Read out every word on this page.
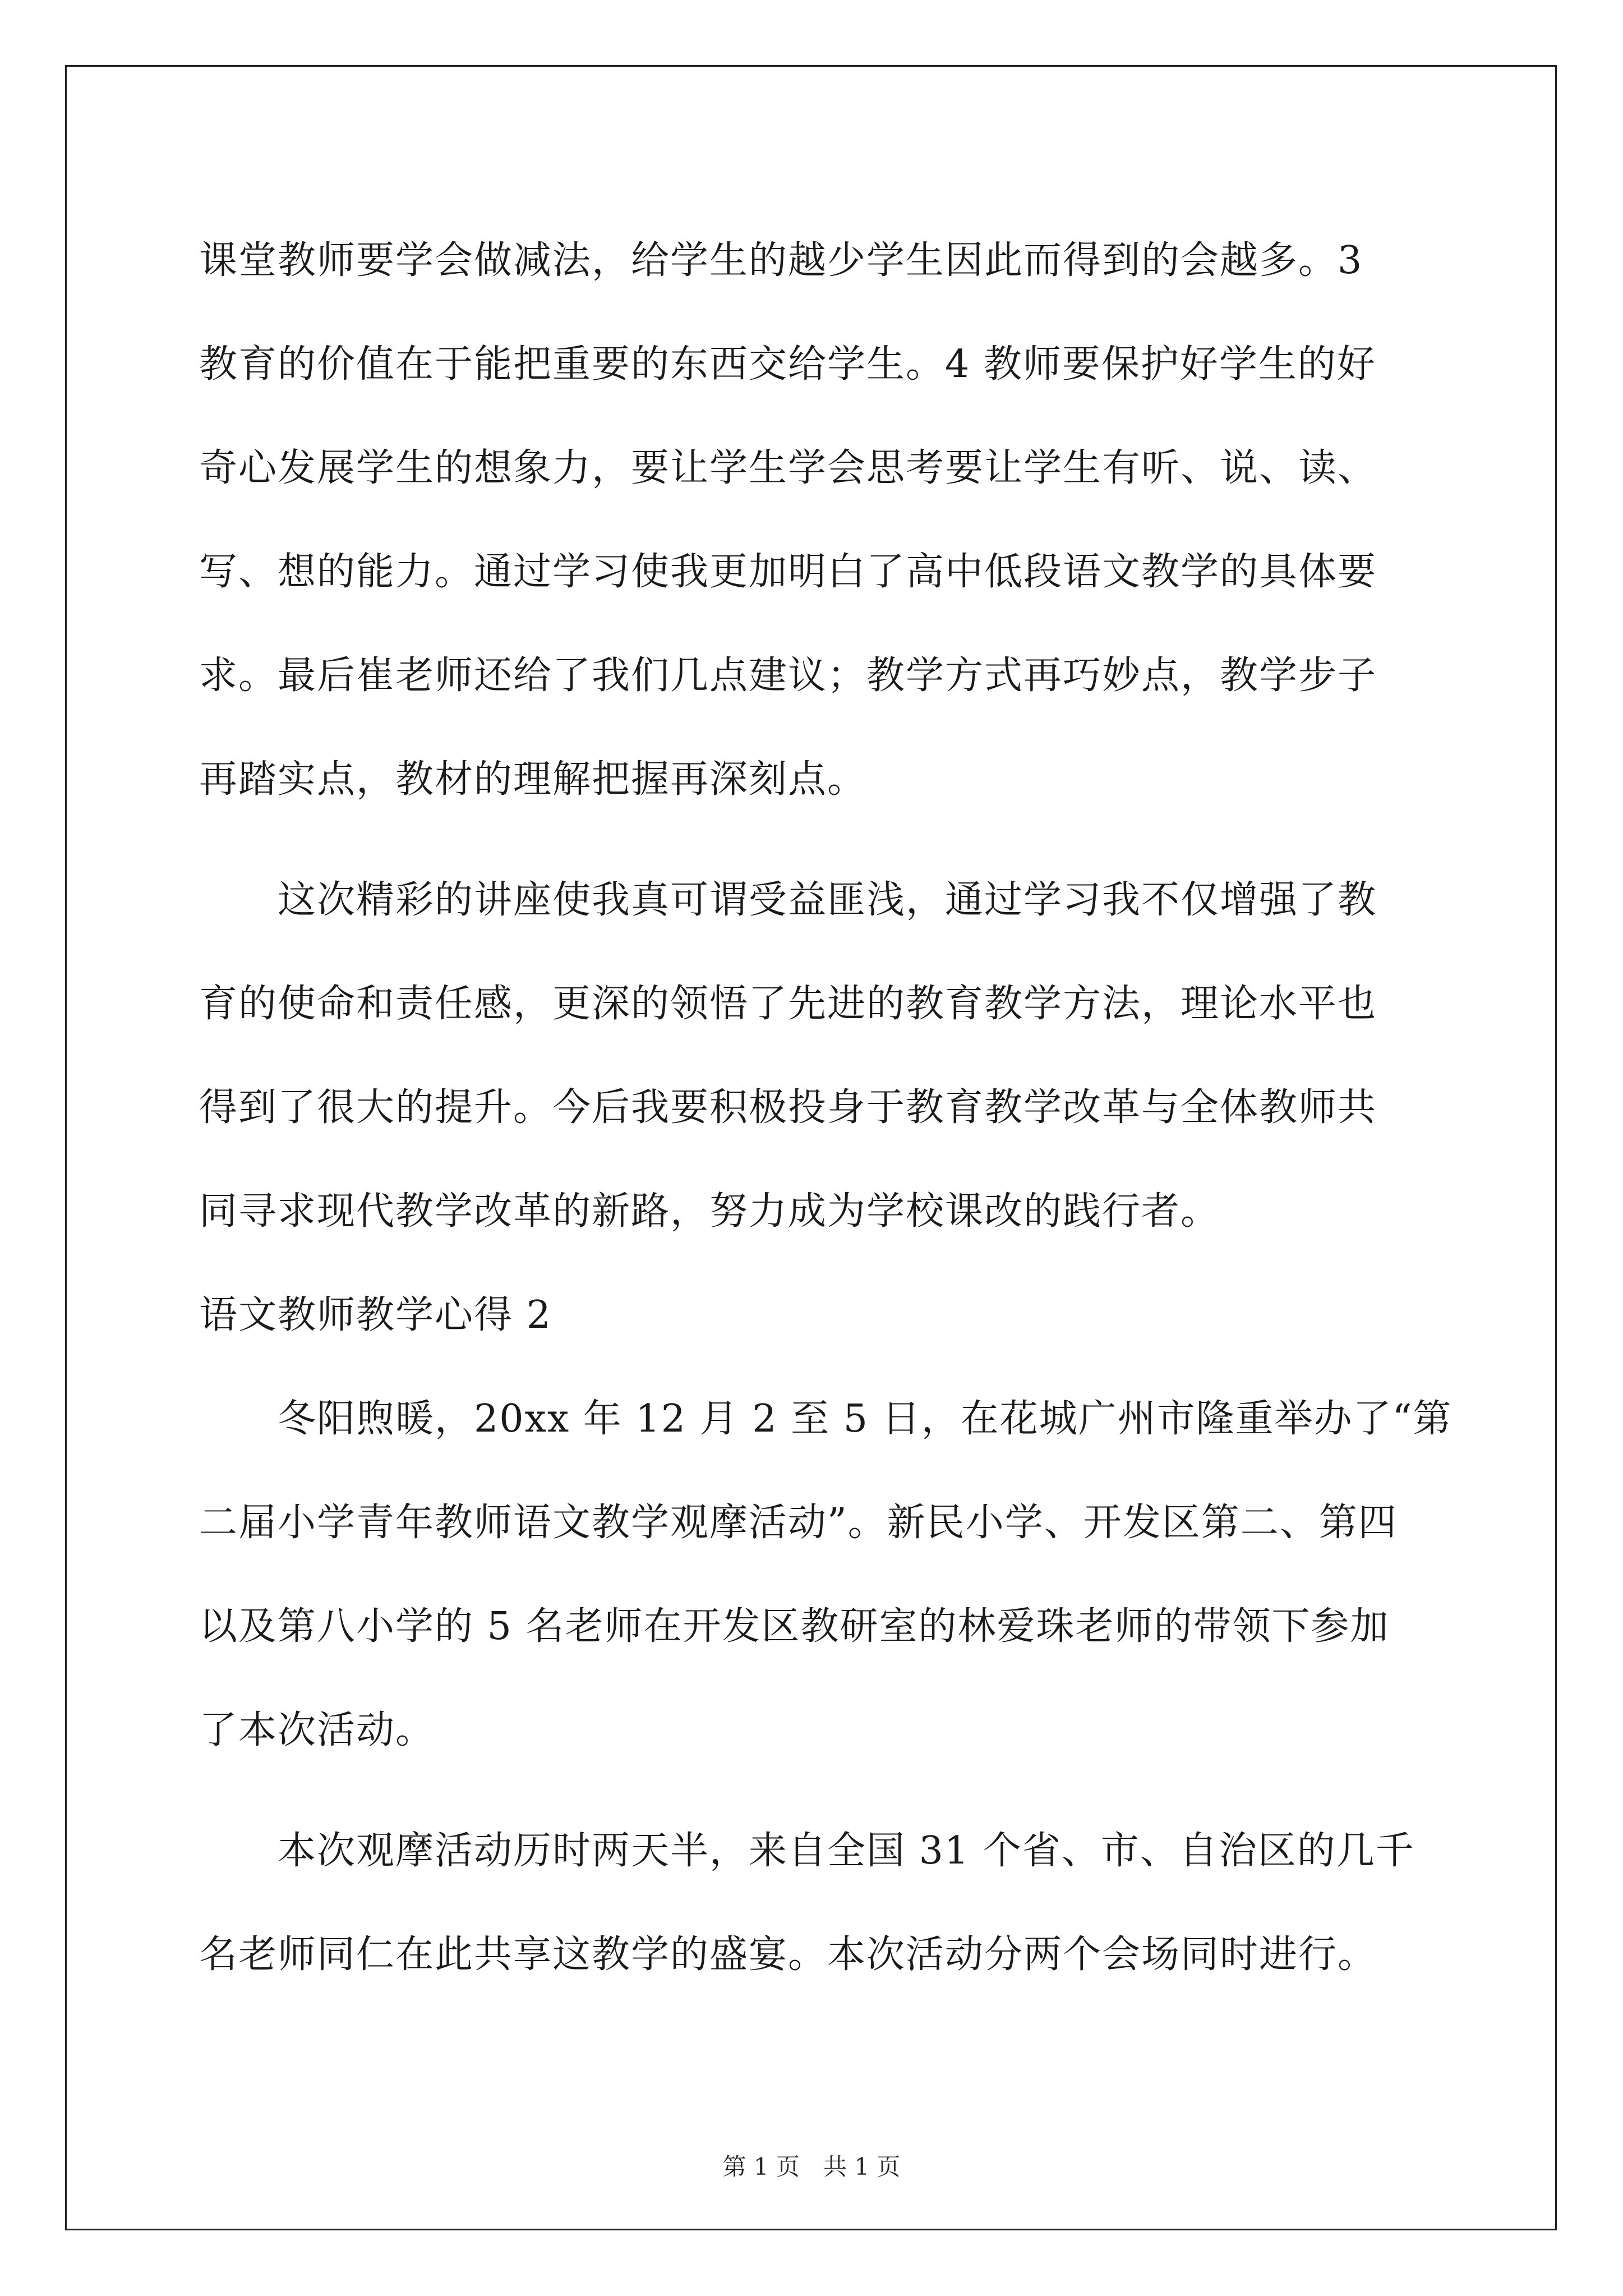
课堂教师要学会做减法，给学生的越少学生因此而得到的会越多。3
教育的价值在于能把重要的东西交给学生。4 教师要保护好学生的好
奇心发展学生的想象力，要让学生学会思考要让学生有听、说、读、
写、想的能力。通过学习使我更加明白了高中低段语文教学的具体要
求。最后崔老师还给了我们几点建议；教学方式再巧妙点，教学步子
再踏实点，教材的理解把握再深刻点。
　　这次精彩的讲座使我真可谓受益匪浅，通过学习我不仅增强了教
育的使命和责任感，更深的领悟了先进的教育教学方法，理论水平也
得到了很大的提升。今后我要积极投身于教育教学改革与全体教师共
同寻求现代教学改革的新路，努力成为学校课改的践行者。
语文教师教学心得 2
　　冬阳煦暖，20xx 年 12 月 2 至 5 日，在花城广州市隆重举办了“第
二届小学青年教师语文教学观摩活动”。新民小学、开发区第二、第四
以及第八小学的 5 名老师在开发区教研室的林爱珠老师的带领下参加
了本次活动。
　　本次观摩活动历时两天半，来自全国 31 个省、市、自治区的几千
名老师同仁在此共享这教学的盛宴。本次活动分两个会场同时进行。
第 1 页　共 1 页
